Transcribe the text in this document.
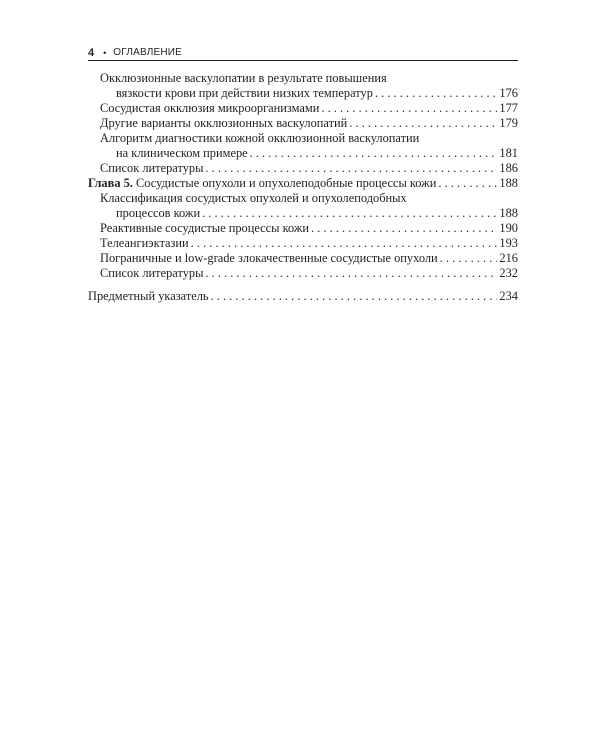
4 • ОГЛАВЛЕНИЕ
Окклюзионные васкулопатии в результате повышения
вязкости крови при действии низких температур . . .	176
Сосудистая окклюзия микроорганизмами . . .	177
Другие варианты окклюзионных васкулопатий . . .	179
Алгоритм диагностики кожной окклюзионной васкулопатии
на клиническом примере . . .	181
Список литературы . . .	186
Глава 5. Сосудистые опухоли и опухолеподобные процессы кожи . . .	188
Классификация сосудистых опухолей и опухолеподобных
процессов кожи . . .	188
Реактивные сосудистые процессы кожи . . .	190
Телеангиэктазии . . .	193
Пограничные и low-grade злокачественные сосудистые опухоли . . .	216
Список литературы . . .	232
Предметный указатель . . .	234
